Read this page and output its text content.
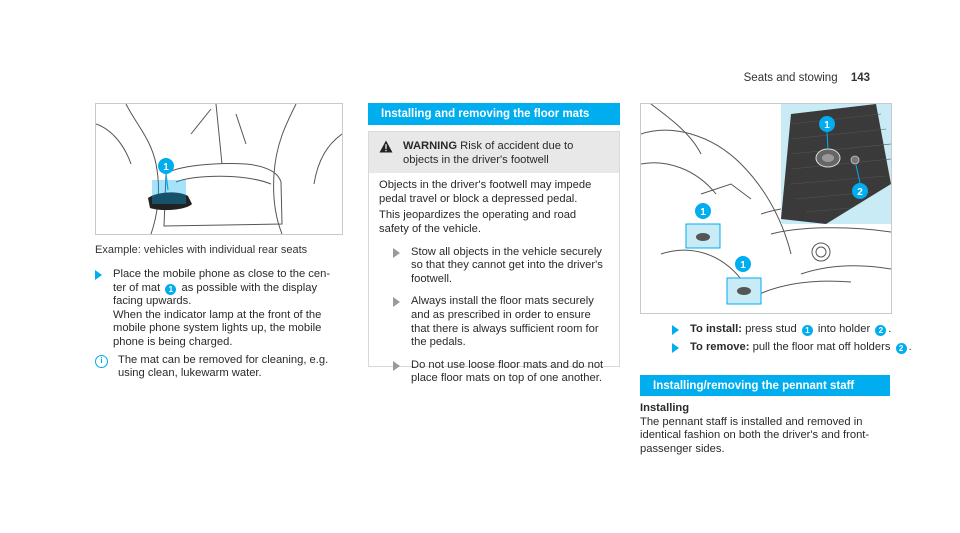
Seats and stowing 143
1
Example: vehicles with individual rear seats
Place the mobile phone as close to the cen-
ter of mat 1 as possible with the display
facing upwards.
When the indicator lamp at the front of the
mobile phone system lights up, the mobile
phone is being charged.
i	The mat can be removed for cleaning, e.g.
using clean, lukewarm water.
Installing and removing the floor mats
WARNING Risk of accident due to
objects in the driver's footwell
Objects in the driver's footwell may impede
pedal travel or block a depressed pedal.
This jeopardizes the operating and road
safety of the vehicle.
Stow all objects in the vehicle securely
so that they cannot get into the driver's
footwell.
Always install the floor mats securely
and as prescribed in order to ensure
that there is always sufficient room for
the pedals.
Do not use loose floor mats and do not
place floor mats on top of one another.
1
2
1
1
To install: press stud 1 into holder 2 .
To remove: pull the floor mat off holders 2 .
Installing/removing the pennant staff
Installing
The pennant staff is installed and removed in
identical fashion on both the driver's and front-
passenger sides.
